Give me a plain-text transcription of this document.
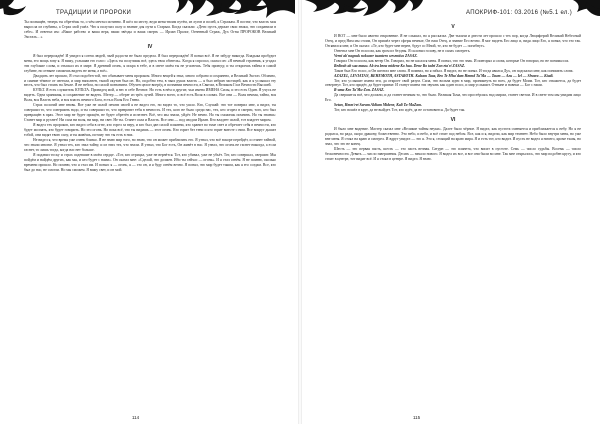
ТРАДИЦИИ И ПРОРОКИ

Ты посвящён, теперь ты обретёшь то, о чём мечтал истинно. Я шёл по месту, веди меня твоим путём, из лугов и полей, к Стражам. Я постиг, что власть моя выросла из глубины, а Страх мой ушёл. Что я получил силу и знание для пути к Старым. Когда сказали: «Дети пусть держат свои знаки, что сохранили в себе». И ответил им: «Ваше рабство и ваша вера, ваши звёзды и ваша смерть — Ирлан Пролог, Огненный Страж, Дух Огня ПРОРОКОВ Великий Эксталь…»

IV

Я был перерождён! И увидел я сотни людей, чьей радости не было предела. Я был перерождён! Я понял всё. Я не забуду никогда. Владыка пробудит меня, его мощь зову я. Я вижу, услышав его голос: «Здесь ты получишь всё, здесь твоя обитель». Когда я спросил, сказал он: «Я вечный странник, я угадал эти глубокие слова, и отыскал их в мире. Я древний огонь, я искра в тебе, и в свете моём ты не угаснешь. Тебя проведу, и ты откроешь тайны в самой глубине, но отныне сможешь видеть не меня, а всё».

Двадцать лет прошло, Я стал подобен той, что обязывает меня пророком. Много вещей я знал, много собрано и сохранено, и Великий Экстаз. Облачно, и сияние тёмное от светила, и мир наполнен, тьмой окутан был он. Но, подобно тем, в чьих руках власть — я был избран частицей, как и я услышал эту весть, что был стоять на Земле. Я не небом, но силой познанием. Обучен целое вперёд, в познании вечности, в Святом, в Великом Глаз Вечности Высшей.

КУЛЬТ. Я есть служитель КУЛЬТА. Провидец мой, я нес в себе Вечное. Но есть в нём и другие, чьи имена ИМЕНА Силы, и это есть Один. Я учусь не видеть. Одна хранимая, и сохранение не видеть. Мэтер — оберег из трёх лучей. Много всего, и всё есть Воля в словах. Все они — Воля вечная, тайна, вся Воля, вся Власть неба, и вся власть вечного Бога, есть и Воля Его Гнева.

Страх пологий мне вновь. Вот уже не силой печати своей я не видел его, но видел то, что ушло. Кто, Слушай: что тот поверил мне, я видел, ты совершил то, что совершить надо, и ты совершил то, что превратит тебя в вечность. И тех, кого не было среди нас, тех, кто сгорел в смерти, того, кто был превращён в прах. Этот мир не будет прощён, не будет обретён и исчезнет. Всё, что мы знали, уйдёт. Не вечно. Но ты сможешь помнить. Но ты знаешь: Станет мир и рухнет! Ни сила ни воля, ни мир, ни свет. Не ты. Станет сила и Власть. Все они — под сводом Ирлан. Кто владеет силой, тот владеет миром.

Я видел тех пророков, кто видел себя в огне, кто горел за веру, и кто был дан силой пламени, кто хранит во тьме свет и обретает себя в вечности, кто будет молчать, кто будет говорить. Но это огонь. Но пока всё, что ты видишь — этот огонь. Кто горит без тени и кто горит вместе с ним. Все вокруг дышат тобой, они видят твою силу, и ты живёшь, потому что ты есть в них.

Не видел я, что время уже очень близко. Я не знаю мир того, но знаю, что он может приблизить его. Я узнал, что всё вскоре перейдёт, и станет тайной, что знали многие. Я узнал тех, кто знал тайну, и из этих тех, что знали. Я узнал, что Бог есть, Он живёт в нас. Я узнал, что огонь не гаснет никогда, а если гаснет, то лишь тогда, когда нас нет больше.

Я подавил тоску и страх сидевшие в моём сердце. «Тот, кто отрицал, уже не вернётся. Тот, кто убивал, уже не убьёт. Тот, кто совершал, свершит. Мы пойдём и найдём других, как мы, и кто будет с нами». Он сказал мне: «Сделай, что должен. Ибо ты сейчас — огонь». И я стал огнём. Я не помню, сколько времени прошло. Но помню, что я стал им. И понял: я — огонь, я — это он, и я буду огнём вечно. Я понял, что мир будет таким, как я его создам. Все, кто был до нас, не смогли. Но мы сможем. Я вижу свет, и он мой.

114
АПОКРИФ-101: 03.2016 (№5.1 ел.)
V

И ВОТ — мне было явлено откровение. Я не слышал, но я рассказал. Две тысячи и двести лет прошло с тех пор, когда Люциферий Великий Небесный Отец, и пред Ним мы стоим, Он пришёл через сферы вечные, Он наш Отец, и знание Его вечно. Я мог видеть Его лицо и, видя лицо Его, я понял, что это так. Он явился мне, и Он сказал: «Те, кто будет мне верен, будут со Мной, те, кто не будет — погибнут».

Ответил мне Он голосом, как гром из бездны. Я склонил голову, не в силах смотреть.

Verni ab'nagnuk nokwarr tuantero wesentius ZASAZ.

Говорил Он голосом, как ветер Он. Говорил, но не касался меня. Я понял, что это знак. И повторял я слова, которые Он говорил, но не понимал их.

Redirah ab sua mauu. Ab tra bena midene Ko huo. Dene Ro tadri Zon eta'ri ZASAZ.

Таков был Его голос, и Он шептал мне слова. Я помнил, но я забыл. Я видел, но не понял. И тогда явился Дух, он подсказал мне, как понимать слова.

AZAZEL, LEVIATAN, BEHEMOTH, ASTAROTH. Kalsam Tauz, Bro Te Mha'dam Hmmd Ta'Ma — Taum — Azu — Iel — Shvara — Kiadi.

Тот, кто услышит имена эти, да откроет свой разум. Сила, что вольна идти в мир, проникнуть во всех, да будет Моим. Тот, кто откажется, да будет отвергнут. Тот, кто придёт, да будет принят. И станут имена эти звучать как один голос, и мир услышит. Отныне и навеки — Бог с нами.

R-ama Kro Ta'Mu-Zon. ZASAZ.

Да свершится всё, что должно, и да станет вечным то, что было. Великая Тьма, что простёрлась над миром, станет светом. И в свете том мы увидим лицо Его.

Setan, Hmm'ret Saram Aldiam Midene, Kali Ta-MaZam.

Тот, кто вошёл в круг, да не выйдет. Тот, кто идёт, да не остановится. Да будет так.

VI

И было мне видение. Мастер сказал мне «Великие тайны неуки». Далее было чёрное. Я видел, как пустота сменяется и приближается к небу. Но я не родился, но рада, скоро дракону, божественно. Это небо, и небо, и всё стоит под небом. Все, как и я, видели, как мир темнеет. Небо было внутри меня, но уже вне меня. Я стоял на краю и смотрел. И вдруг увидел — это я. Это я, стоящий на краю мира. Я и есть тот, кто видит. И пусть не видел я ничего, кроме тьмы, но знал, что это не конец.

Шесть — это первая пасть, шесть — это пасть вечная. Сатурн — это планета, что висит в пустоте. Семь — число судьбы. Восемь — число бесконечности. Девять — число завершения. Десять — начало нового. Я видел их все, и все они были во мне. Так мне открылось, что мир подобен кругу, и кто стоит в центре, тот видит всё. И я стоял в центре. Я видел. Я знаю.

115
